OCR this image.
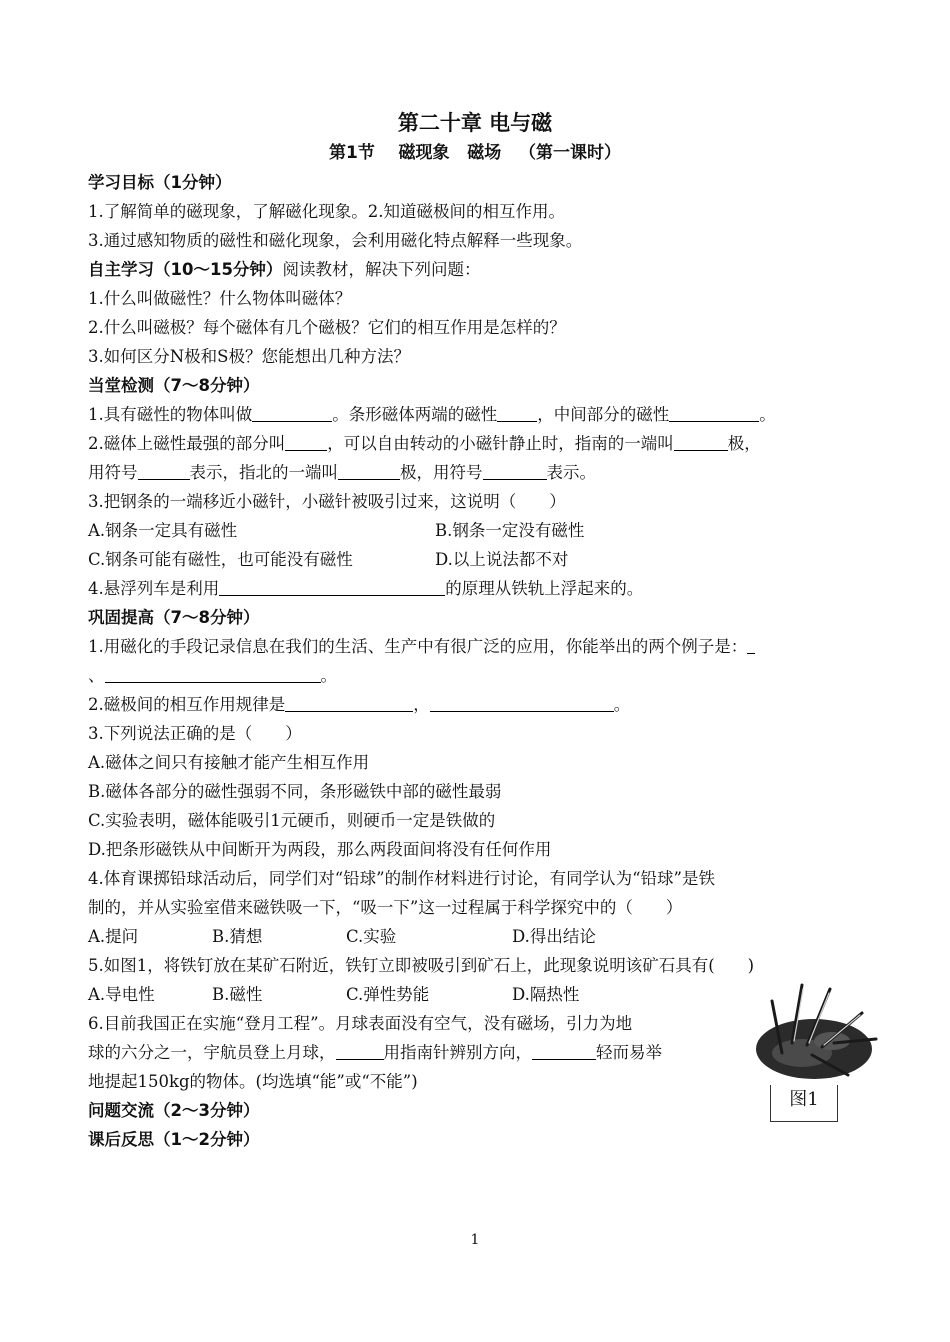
第二十章 电与磁
第1节    磁现象   磁场   （第一课时）
学习目标（1分钟）
1.了解简单的磁现象，了解磁化现象。2.知道磁极间的相互作用。
3.通过感知物质的磁性和磁化现象，会利用磁化特点解释一些现象。
自主学习（10～15分钟）阅读教材，解决下列问题：
1.什么叫做磁性？什么物体叫磁体？
2.什么叫磁极？每个磁体有几个磁极？它们的相互作用是怎样的？
3.如何区分N极和S极？您能想出几种方法？
当堂检测（7～8分钟）
1.具有磁性的物体叫做	。条形磁体两端的磁性 ，中间部分的磁性	。
2.磁体上磁性最强的部分叫	，可以自由转动的小磁针静止时，指南的一端叫	极，
用符号	表示，指北的一端叫	极，用符号	表示。
3.把钢条的一端移近小磁针，小磁针被吸引过来，这说明（　　）
A.钢条一定具有磁性	B.钢条一定没有磁性
C.钢条可能有磁性，也可能没有磁性	D.以上说法都不对
4.悬浮列车是利用	的原理从铁轨上浮起来的。
巩固提高（7～8分钟）
1.用磁化的手段记录信息在我们的生活、生产中有很广泛的应用，你能举出的两个例子是：
、	。
2.磁极间的相互作用规律是	，	。
3.下列说法正确的是（　　）
A.磁体之间只有接触才能产生相互作用
B.磁体各部分的磁性强弱不同，条形磁铁中部的磁性最弱
C.实验表明，磁体能吸引1元硬币，则硬币一定是铁做的
D.把条形磁铁从中间断开为两段，那么两段面间将没有任何作用
4.体育课掷铅球活动后，同学们对“铅球”的制作材料进行讨论，有同学认为“铅球”是铁
制的，并从实验室借来磁铁吸一下，“吸一下”这一过程属于科学探究中的（　　）
A.提问	B.猜想	C.实验	D.得出结论
5.如图1，将铁钉放在某矿石附近，铁钉立即被吸引到矿石上，此现象说明该矿石具有(　　)
A.导电性	B.磁性	C.弹性势能	D.隔热性
6.目前我国正在实施“登月工程”。月球表面没有空气，没有磁场，引力为地
球的六分之一，宇航员登上月球，	用指南针辨别方向，	轻而易举
地提起150kg的物体。(均选填“能”或“不能”)
图1
问题交流（2～3分钟）
课后反思（1～2分钟）
1
